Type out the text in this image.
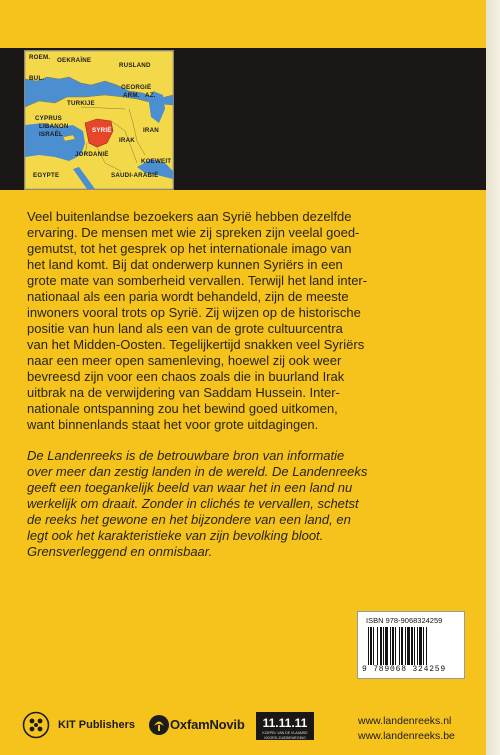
ROEM. OEKRAÏNE
RUSLAND
BUL.
GEORGIË
ARM. AZ.
TURKIJE
CYPRUS
SYRIË
LIBANON
ISRAËL
IRAK
IRAN
JORDANIË
KOEWEIT
EGYPTE	SAUDI-ARABIË

Veel buitenlandse bezoekers aan Syrië hebben dezelfde
ervaring. De mensen met wie zij spreken zijn veelal goed-
gemutst, tot het gesprek op het internationale imago van
het land komt. Bij dat onderwerp kunnen Syriërs in een
grote mate van somberheid vervallen. Terwijl het land inter-
nationaal als een paria wordt behandeld, zijn de meeste
inwoners vooral trots op Syrië. Zij wijzen op de historische
positie van hun land als een van de grote cultuurcentra
van het Midden-Oosten. Tegelijkertijd snakken veel Syriërs
naar een meer open samenleving, hoewel zij ook weer
bevreesd zijn voor een chaos zoals die in buurland Irak
uitbrak na de verwijdering van Saddam Hussein. Inter-
nationale ontspanning zou het bewind goed uitkomen,
want binnenlands staat het voor grote uitdagingen.

De Landenreeks is de betrouwbare bron van informatie
over meer dan zestig landen in de wereld. De Landenreeks
geeft een toegankelijk beeld van waar het in een land nu
werkelijk om draait. Zonder in clichés te vervallen, schetst
de reeks het gewone en het bijzondere van een land, en
legt ook het karakteristieke van zijn bevolking bloot.
Grensverleggend en onmisbaar.

ISBN 978-9068324259
9 789068 324259
KIT Publishers	OxfamNovib	11.11.11
KOEPEL VAN DE VLAAMSE NOORD-ZUIDBEWEGING
www.landenreeks.nl
www.landenreeks.be
